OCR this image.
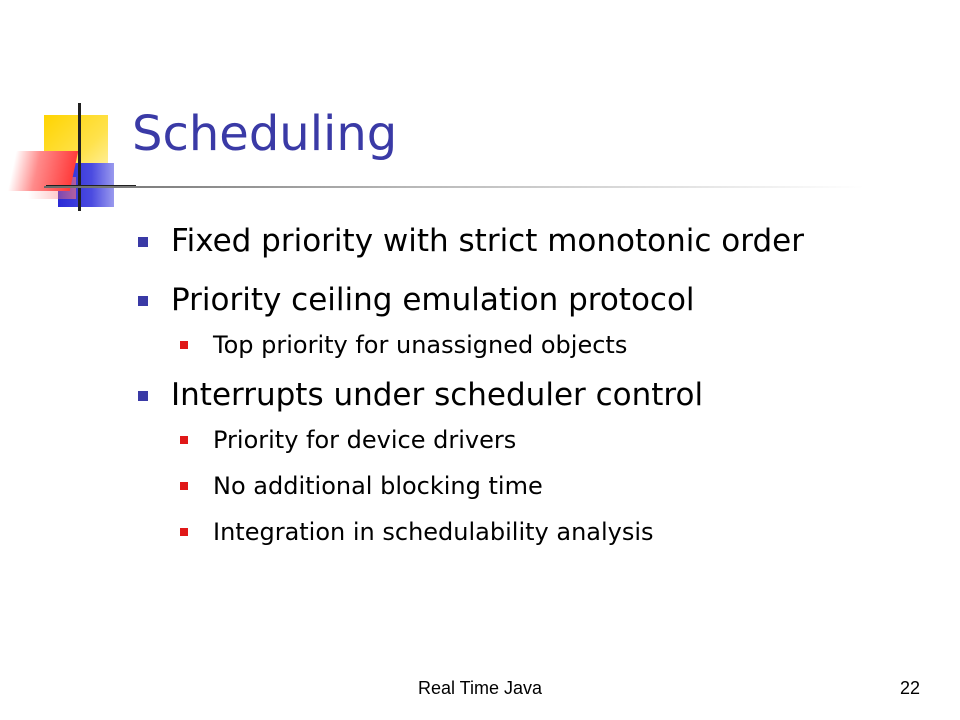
Scheduling
Fixed priority with strict monotonic order
Priority ceiling emulation protocol
Top priority for unassigned objects
Interrupts under scheduler control
Priority for device drivers
No additional blocking time
Integration in schedulability analysis
Real Time Java	22
